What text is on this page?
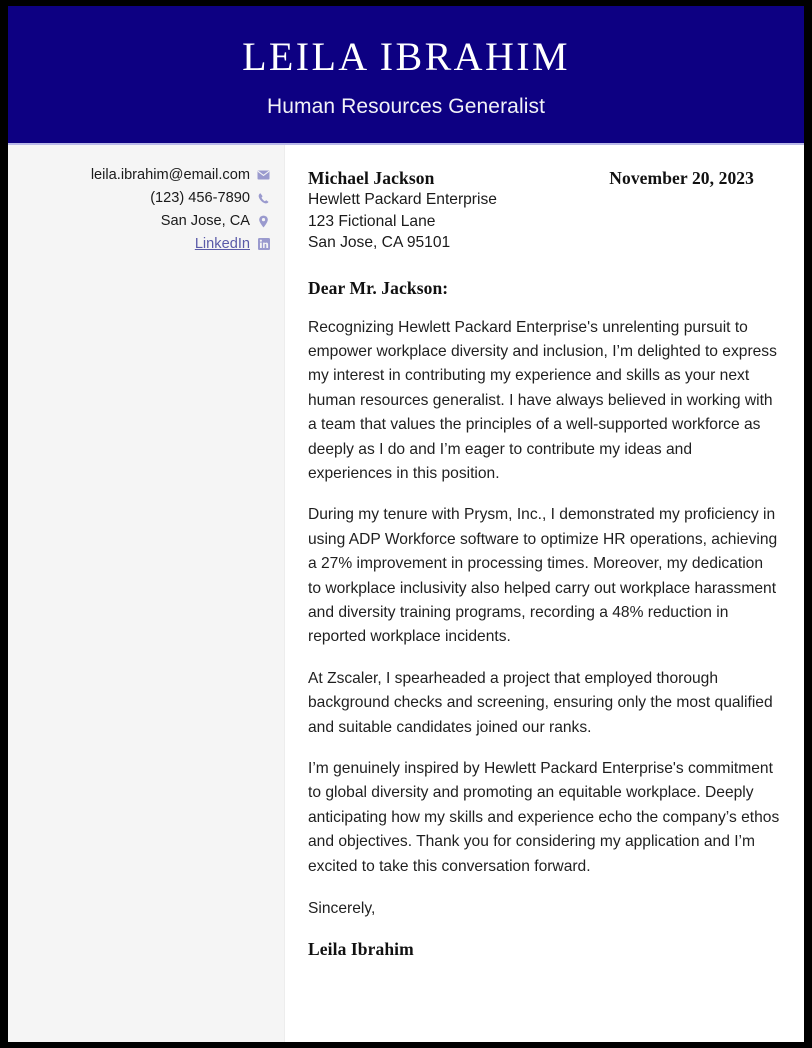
LEILA IBRAHIM
Human Resources Generalist
leila.ibrahim@email.com
(123) 456-7890
San Jose, CA
LinkedIn
Michael Jackson	November 20, 2023
Hewlett Packard Enterprise
123 Fictional Lane
San Jose, CA 95101
Dear Mr. Jackson:

Recognizing Hewlett Packard Enterprise's unrelenting pursuit to empower workplace diversity and inclusion, I’m delighted to express my interest in contributing my experience and skills as your next human resources generalist. I have always believed in working with a team that values the principles of a well-supported workforce as deeply as I do and I’m eager to contribute my ideas and experiences in this position.

During my tenure with Prysm, Inc., I demonstrated my proficiency in using ADP Workforce software to optimize HR operations, achieving a 27% improvement in processing times. Moreover, my dedication to workplace inclusivity also helped carry out workplace harassment and diversity training programs, recording a 48% reduction in reported workplace incidents.

At Zscaler, I spearheaded a project that employed thorough background checks and screening, ensuring only the most qualified and suitable candidates joined our ranks.

I’m genuinely inspired by Hewlett Packard Enterprise's commitment to global diversity and promoting an equitable workplace. Deeply anticipating how my skills and experience echo the company’s ethos and objectives. Thank you for considering my application and I’m excited to take this conversation forward.

Sincerely,
Leila Ibrahim
